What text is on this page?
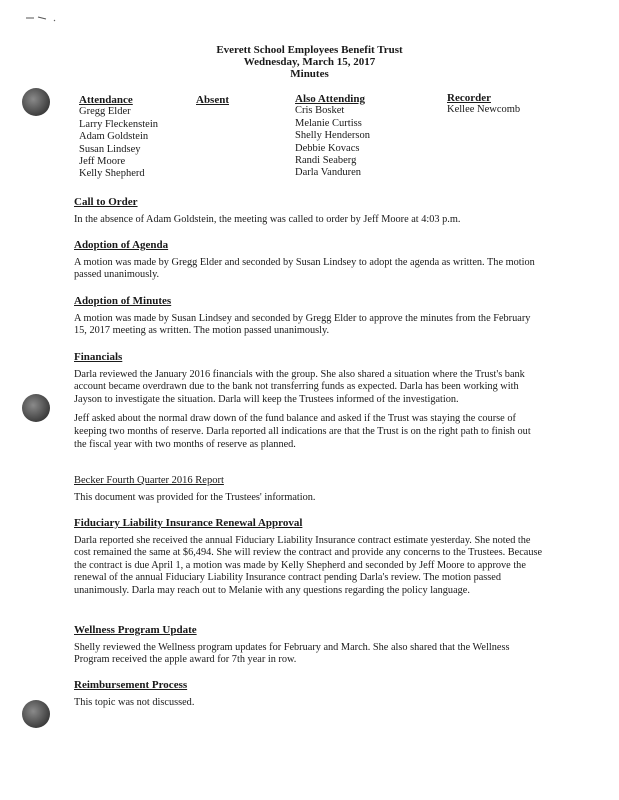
Everett School Employees Benefit Trust
Wednesday, March 15, 2017
Minutes
Attendance
Gregg Elder
Larry Fleckenstein
Adam Goldstein
Susan Lindsey
Jeff Moore
Kelly Shepherd
Absent	Also Attending
Cris Bosket
Melanie Curtiss
Shelly Henderson
Debbie Kovacs
Randi Seaberg
Darla Vanduren
Recorder
Kellee Newcomb
Call to Order

In the absence of Adam Goldstein, the meeting was called to order by Jeff Moore at 4:03 p.m.

Adoption of Agenda

A motion was made by Gregg Elder and seconded by Susan Lindsey to adopt the agenda as written. The motion passed unanimously.

Adoption of Minutes

A motion was made by Susan Lindsey and seconded by Gregg Elder to approve the minutes from the February 15, 2017 meeting as written. The motion passed unanimously.

Financials

Darla reviewed the January 2016 financials with the group. She also shared a situation where the Trust's bank account became overdrawn due to the bank not transferring funds as expected. Darla has been working with Jayson to investigate the situation. Darla will keep the Trustees informed of the investigation.

Jeff asked about the normal draw down of the fund balance and asked if the Trust was staying the course of keeping two months of reserve. Darla reported all indications are that the Trust is on the right path to finish out the fiscal year with two months of reserve as planned.

Becker Fourth Quarter 2016 Report

This document was provided for the Trustees' information.

Fiduciary Liability Insurance Renewal Approval

Darla reported she received the annual Fiduciary Liability Insurance contract estimate yesterday. She noted the cost remained the same at $6,494. She will review the contract and provide any concerns to the Trustees. Because the contract is due April 1, a motion was made by Kelly Shepherd and seconded by Jeff Moore to approve the renewal of the annual Fiduciary Liability Insurance contract pending Darla's review. The motion passed unanimously. Darla may reach out to Melanie with any questions regarding the policy language.

Wellness Program Update

Shelly reviewed the Wellness program updates for February and March. She also shared that the Wellness Program received the apple award for 7th year in row.

Reimbursement Process

This topic was not discussed.
